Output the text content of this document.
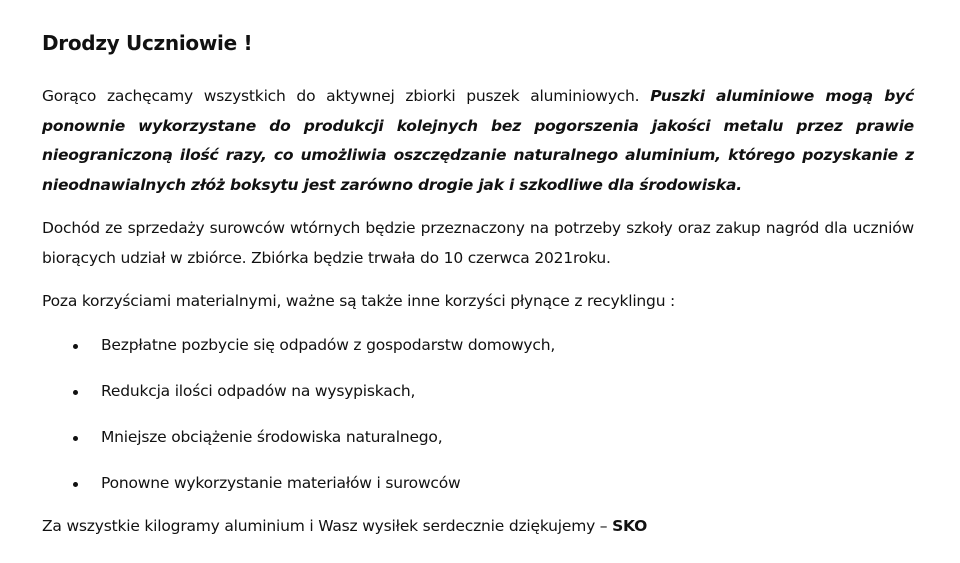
Drodzy Uczniowie !

Gorąco zachęcamy wszystkich do aktywnej zbiorki puszek aluminiowych. Puszki aluminiowe mogą być ponownie wykorzystane do produkcji kolejnych bez pogorszenia jakości metalu przez prawie nieograniczoną ilość razy, co umożliwia oszczędzanie naturalnego aluminium, którego pozyskanie z nieodnawialnych złóż boksytu jest zarówno drogie jak i szkodliwe dla środowiska.

Dochód ze sprzedaży surowców wtórnych będzie przeznaczony na potrzeby szkoły oraz zakup nagród dla uczniów biorących udział w zbiórce. Zbiórka będzie trwała do 10 czerwca 2021roku.

Poza korzyściami materialnymi, ważne są także inne korzyści płynące z recyklingu :

Bezpłatne pozbycie się odpadów z gospodarstw domowych,
Redukcja ilości odpadów na wysypiskach,
Mniejsze obciążenie środowiska naturalnego,
Ponowne wykorzystanie materiałów i surowców

Za wszystkie kilogramy aluminium i Wasz wysiłek serdecznie dziękujemy – SKO
